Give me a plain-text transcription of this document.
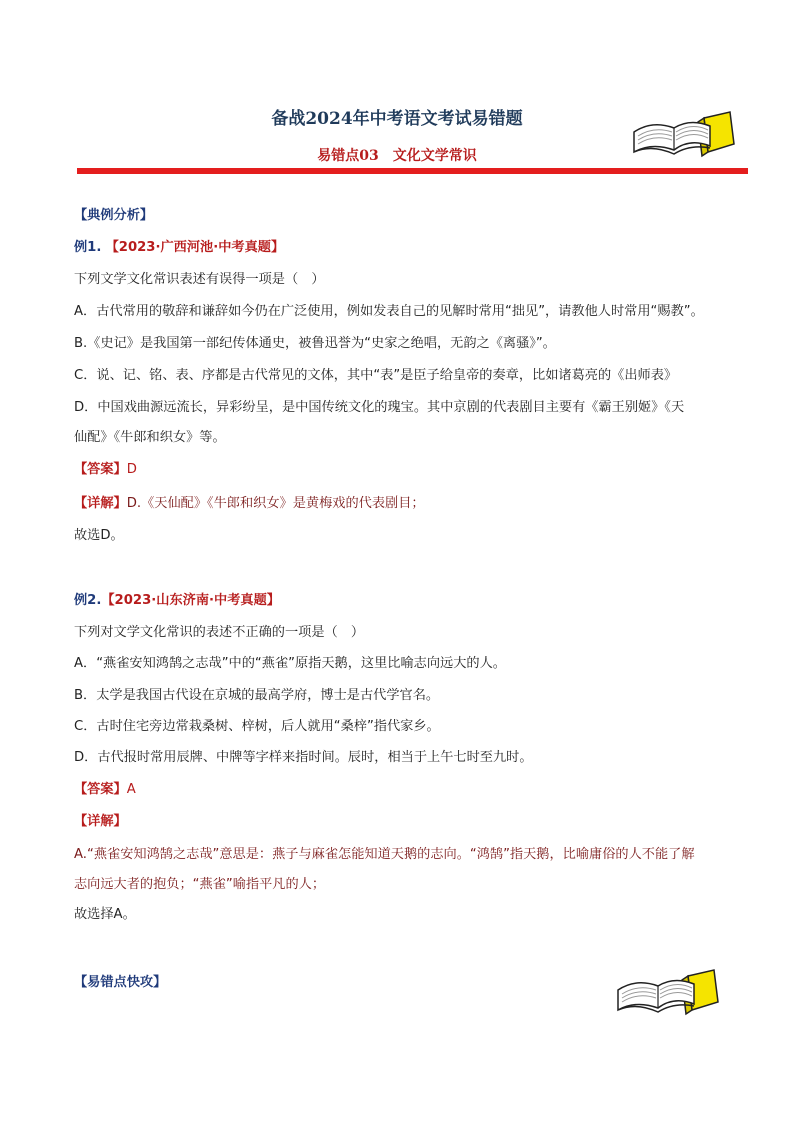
备战2024年中考语文考试易错题
易错点03　文化文学常识
【典例分析】
例1. 【2023·广西河池·中考真题】
下列文学文化常识表述有误得一项是（　）
A．古代常用的敬辞和谦辞如今仍在广泛使用，例如发表自己的见解时常用“拙见”，请教他人时常用“赐教”。
B.《史记》是我国第一部纪传体通史，被鲁迅誉为“史家之绝唱，无韵之《离骚》”。
C．说、记、铭、表、序都是古代常见的文体，其中“表”是臣子给皇帝的奏章，比如诸葛亮的《出师表》
D．中国戏曲源远流长，异彩纷呈，是中国传统文化的瑰宝。其中京剧的代表剧目主要有《霸王别姬》《天
仙配》《牛郎和织女》等。
【答案】D
【详解】D.《天仙配》《牛郎和织女》是黄梅戏的代表剧目；
故选D。
例2.【2023·山东济南·中考真题】
下列对文学文化常识的表述不正确的一项是（　）
A．“燕雀安知鸿鹄之志哉”中的“燕雀”原指天鹅，这里比喻志向远大的人。
B．太学是我国古代设在京城的最高学府，博士是古代学官名。
C．古时住宅旁边常栽桑树、梓树，后人就用“桑梓”指代家乡。
D．古代报时常用辰牌、中牌等字样来指时间。辰时，相当于上午七时至九时。
【答案】A
【详解】
A.“燕雀安知鸿鹄之志哉”意思是：燕子与麻雀怎能知道天鹅的志向。“鸿鹄”指天鹅，比喻庸俗的人不能了解
志向远大者的抱负；“燕雀”喻指平凡的人；
故选择A。
【易错点快攻】
